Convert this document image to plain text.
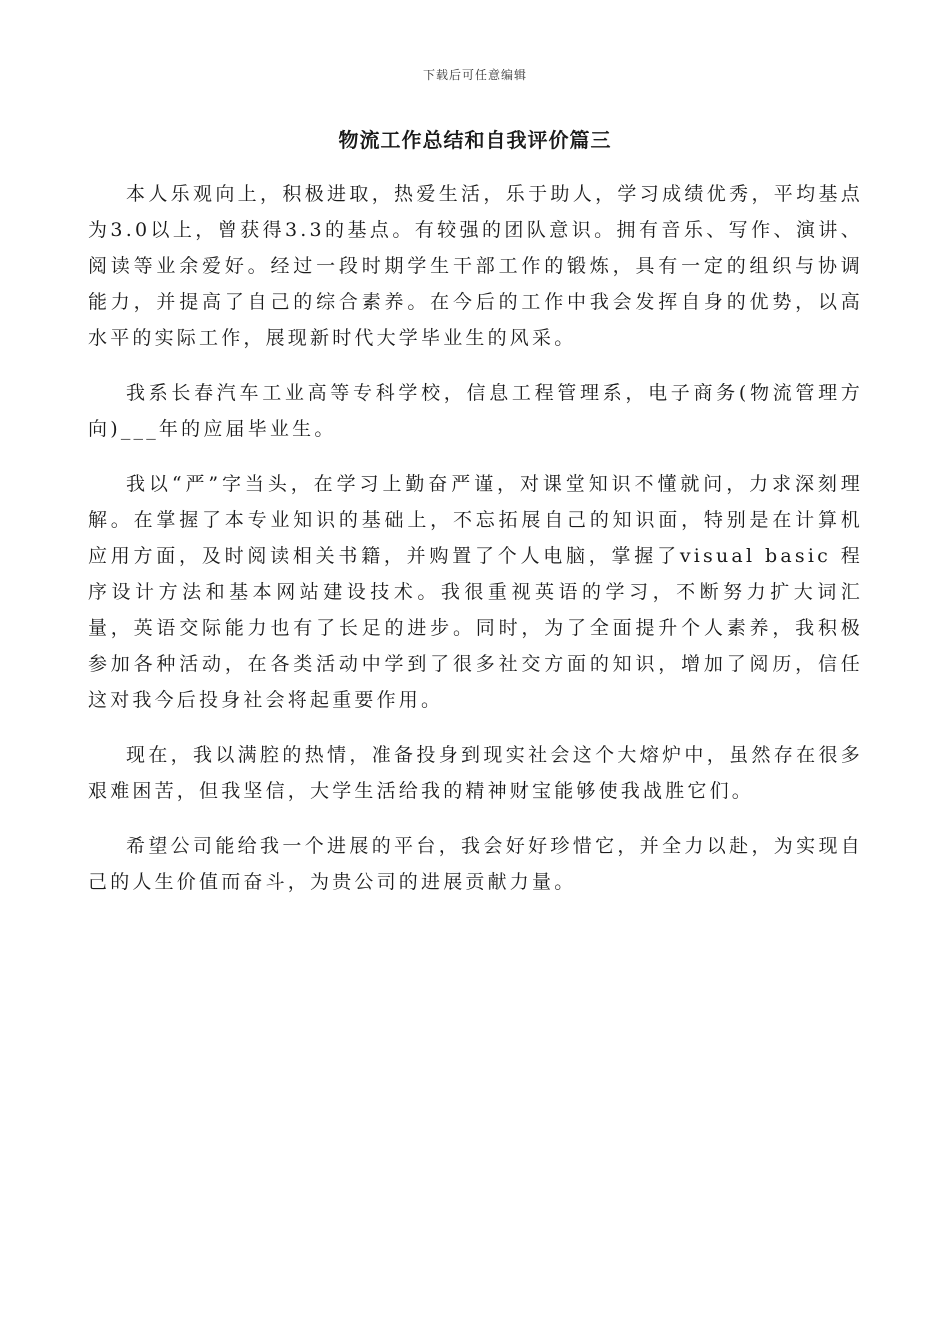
下载后可任意编辑
物流工作总结和自我评价篇三

本人乐观向上，积极进取，热爱生活，乐于助人，学习成绩优秀，平均基点为3.0以上，曾获得3.3的基点。有较强的团队意识。拥有音乐、写作、演讲、阅读等业余爱好。经过一段时期学生干部工作的锻炼，具有一定的组织与协调能力，并提高了自己的综合素养。在今后的工作中我会发挥自身的优势，以高水平的实际工作，展现新时代大学毕业生的风采。

我系长春汽车工业高等专科学校，信息工程管理系，电子商务(物流管理方向)___年的应届毕业生。

我以“严”字当头，在学习上勤奋严谨，对课堂知识不懂就问，力求深刻理解。在掌握了本专业知识的基础上，不忘拓展自己的知识面，特别是在计算机应用方面，及时阅读相关书籍，并购置了个人电脑，掌握了visual basic 程序设计方法和基本网站建设技术。我很重视英语的学习，不断努力扩大词汇量，英语交际能力也有了长足的进步。同时，为了全面提升个人素养，我积极参加各种活动，在各类活动中学到了很多社交方面的知识，增加了阅历，信任这对我今后投身社会将起重要作用。

现在，我以满腔的热情，准备投身到现实社会这个大熔炉中，虽然存在很多艰难困苦，但我坚信，大学生活给我的精神财宝能够使我战胜它们。

希望公司能给我一个进展的平台，我会好好珍惜它，并全力以赴，为实现自己的人生价值而奋斗，为贵公司的进展贡献力量。
